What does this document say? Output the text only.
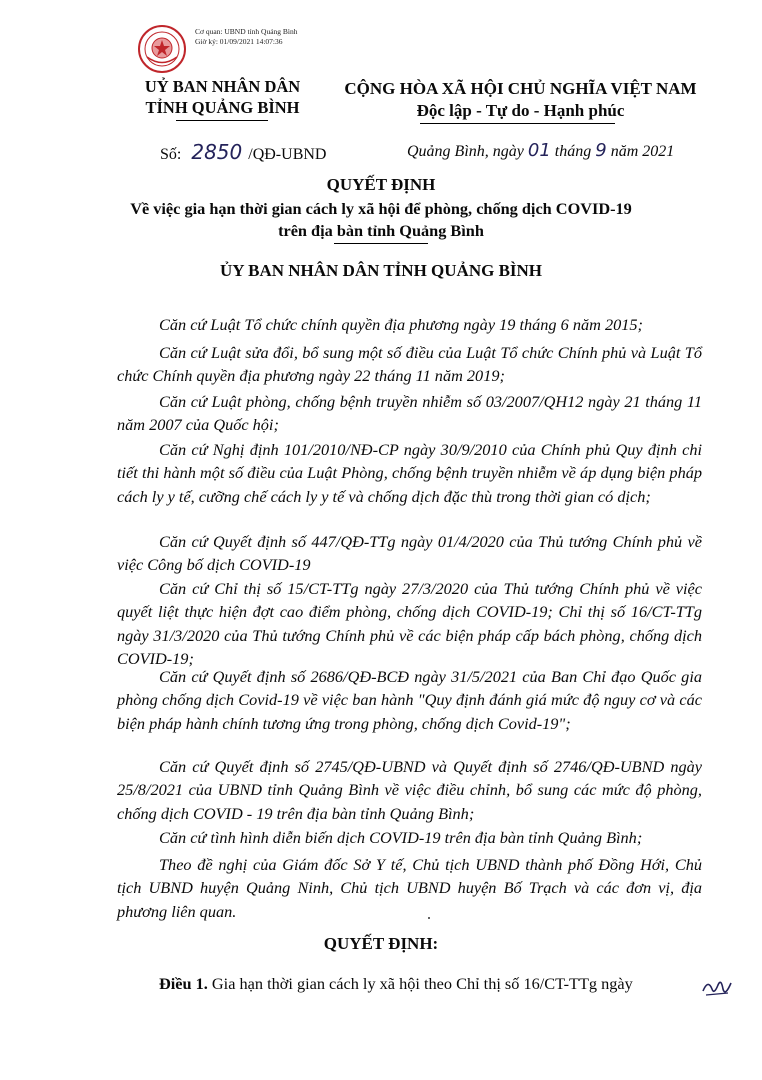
Cơ quan: UBND tỉnh Quảng Bình
Giờ ký: 01/09/2021 14:07:36
UỶ BAN NHÂN DÂN
TỈNH QUẢNG BÌNH
CỘNG HÒA XÃ HỘI CHỦ NGHĨA VIỆT NAM
Độc lập - Tự do - Hạnh phúc
Số: 2850 /QĐ-UBND	Quảng Bình, ngày 01 tháng 9 năm 2021
QUYẾT ĐỊNH
Về việc gia hạn thời gian cách ly xã hội để phòng, chống dịch COVID-19
trên địa bàn tỉnh Quảng Bình
ỦY BAN NHÂN DÂN TỈNH QUẢNG BÌNH
Căn cứ Luật Tổ chức chính quyền địa phương ngày 19 tháng 6 năm 2015;
Căn cứ Luật sửa đổi, bổ sung một số điều của Luật Tổ chức Chính phủ và Luật Tổ chức Chính quyền địa phương ngày 22 tháng 11 năm 2019;
Căn cứ Luật phòng, chống bệnh truyền nhiễm số 03/2007/QH12 ngày 21 tháng 11 năm 2007 của Quốc hội;
Căn cứ Nghị định 101/2010/NĐ-CP ngày 30/9/2010 của Chính phủ Quy định chi tiết thi hành một số điều của Luật Phòng, chống bệnh truyền nhiễm về áp dụng biện pháp cách ly y tế, cưỡng chế cách ly y tế và chống dịch đặc thù trong thời gian có dịch;
Căn cứ Quyết định số 447/QĐ-TTg ngày 01/4/2020 của Thủ tướng Chính phủ về việc Công bố dịch COVID-19
Căn cứ Chỉ thị số 15/CT-TTg ngày 27/3/2020 của Thủ tướng Chính phủ về việc quyết liệt thực hiện đợt cao điểm phòng, chống dịch COVID-19; Chỉ thị số 16/CT-TTg ngày 31/3/2020 của Thủ tướng Chính phủ về các biện pháp cấp bách phòng, chống dịch COVID-19;
Căn cứ Quyết định số 2686/QĐ-BCĐ ngày 31/5/2021 của Ban Chỉ đạo Quốc gia phòng chống dịch Covid-19 về việc ban hành "Quy định đánh giá mức độ nguy cơ và các biện pháp hành chính tương ứng trong phòng, chống dịch Covid-19";
Căn cứ Quyết định số 2745/QĐ-UBND và Quyết định số 2746/QĐ-UBND ngày 25/8/2021 của UBND tỉnh Quảng Bình về việc điều chỉnh, bổ sung các mức độ phòng, chống dịch COVID - 19 trên địa bàn tỉnh Quảng Bình;
Căn cứ tình hình diễn biến dịch COVID-19 trên địa bàn tỉnh Quảng Bình;
Theo đề nghị của Giám đốc Sở Y tế, Chủ tịch UBND thành phố Đồng Hới, Chủ tịch UBND huyện Quảng Ninh, Chủ tịch UBND huyện Bố Trạch và các đơn vị, địa phương liên quan.
QUYẾT ĐỊNH:
Điều 1. Gia hạn thời gian cách ly xã hội theo Chỉ thị số 16/CT-TTg ngày
